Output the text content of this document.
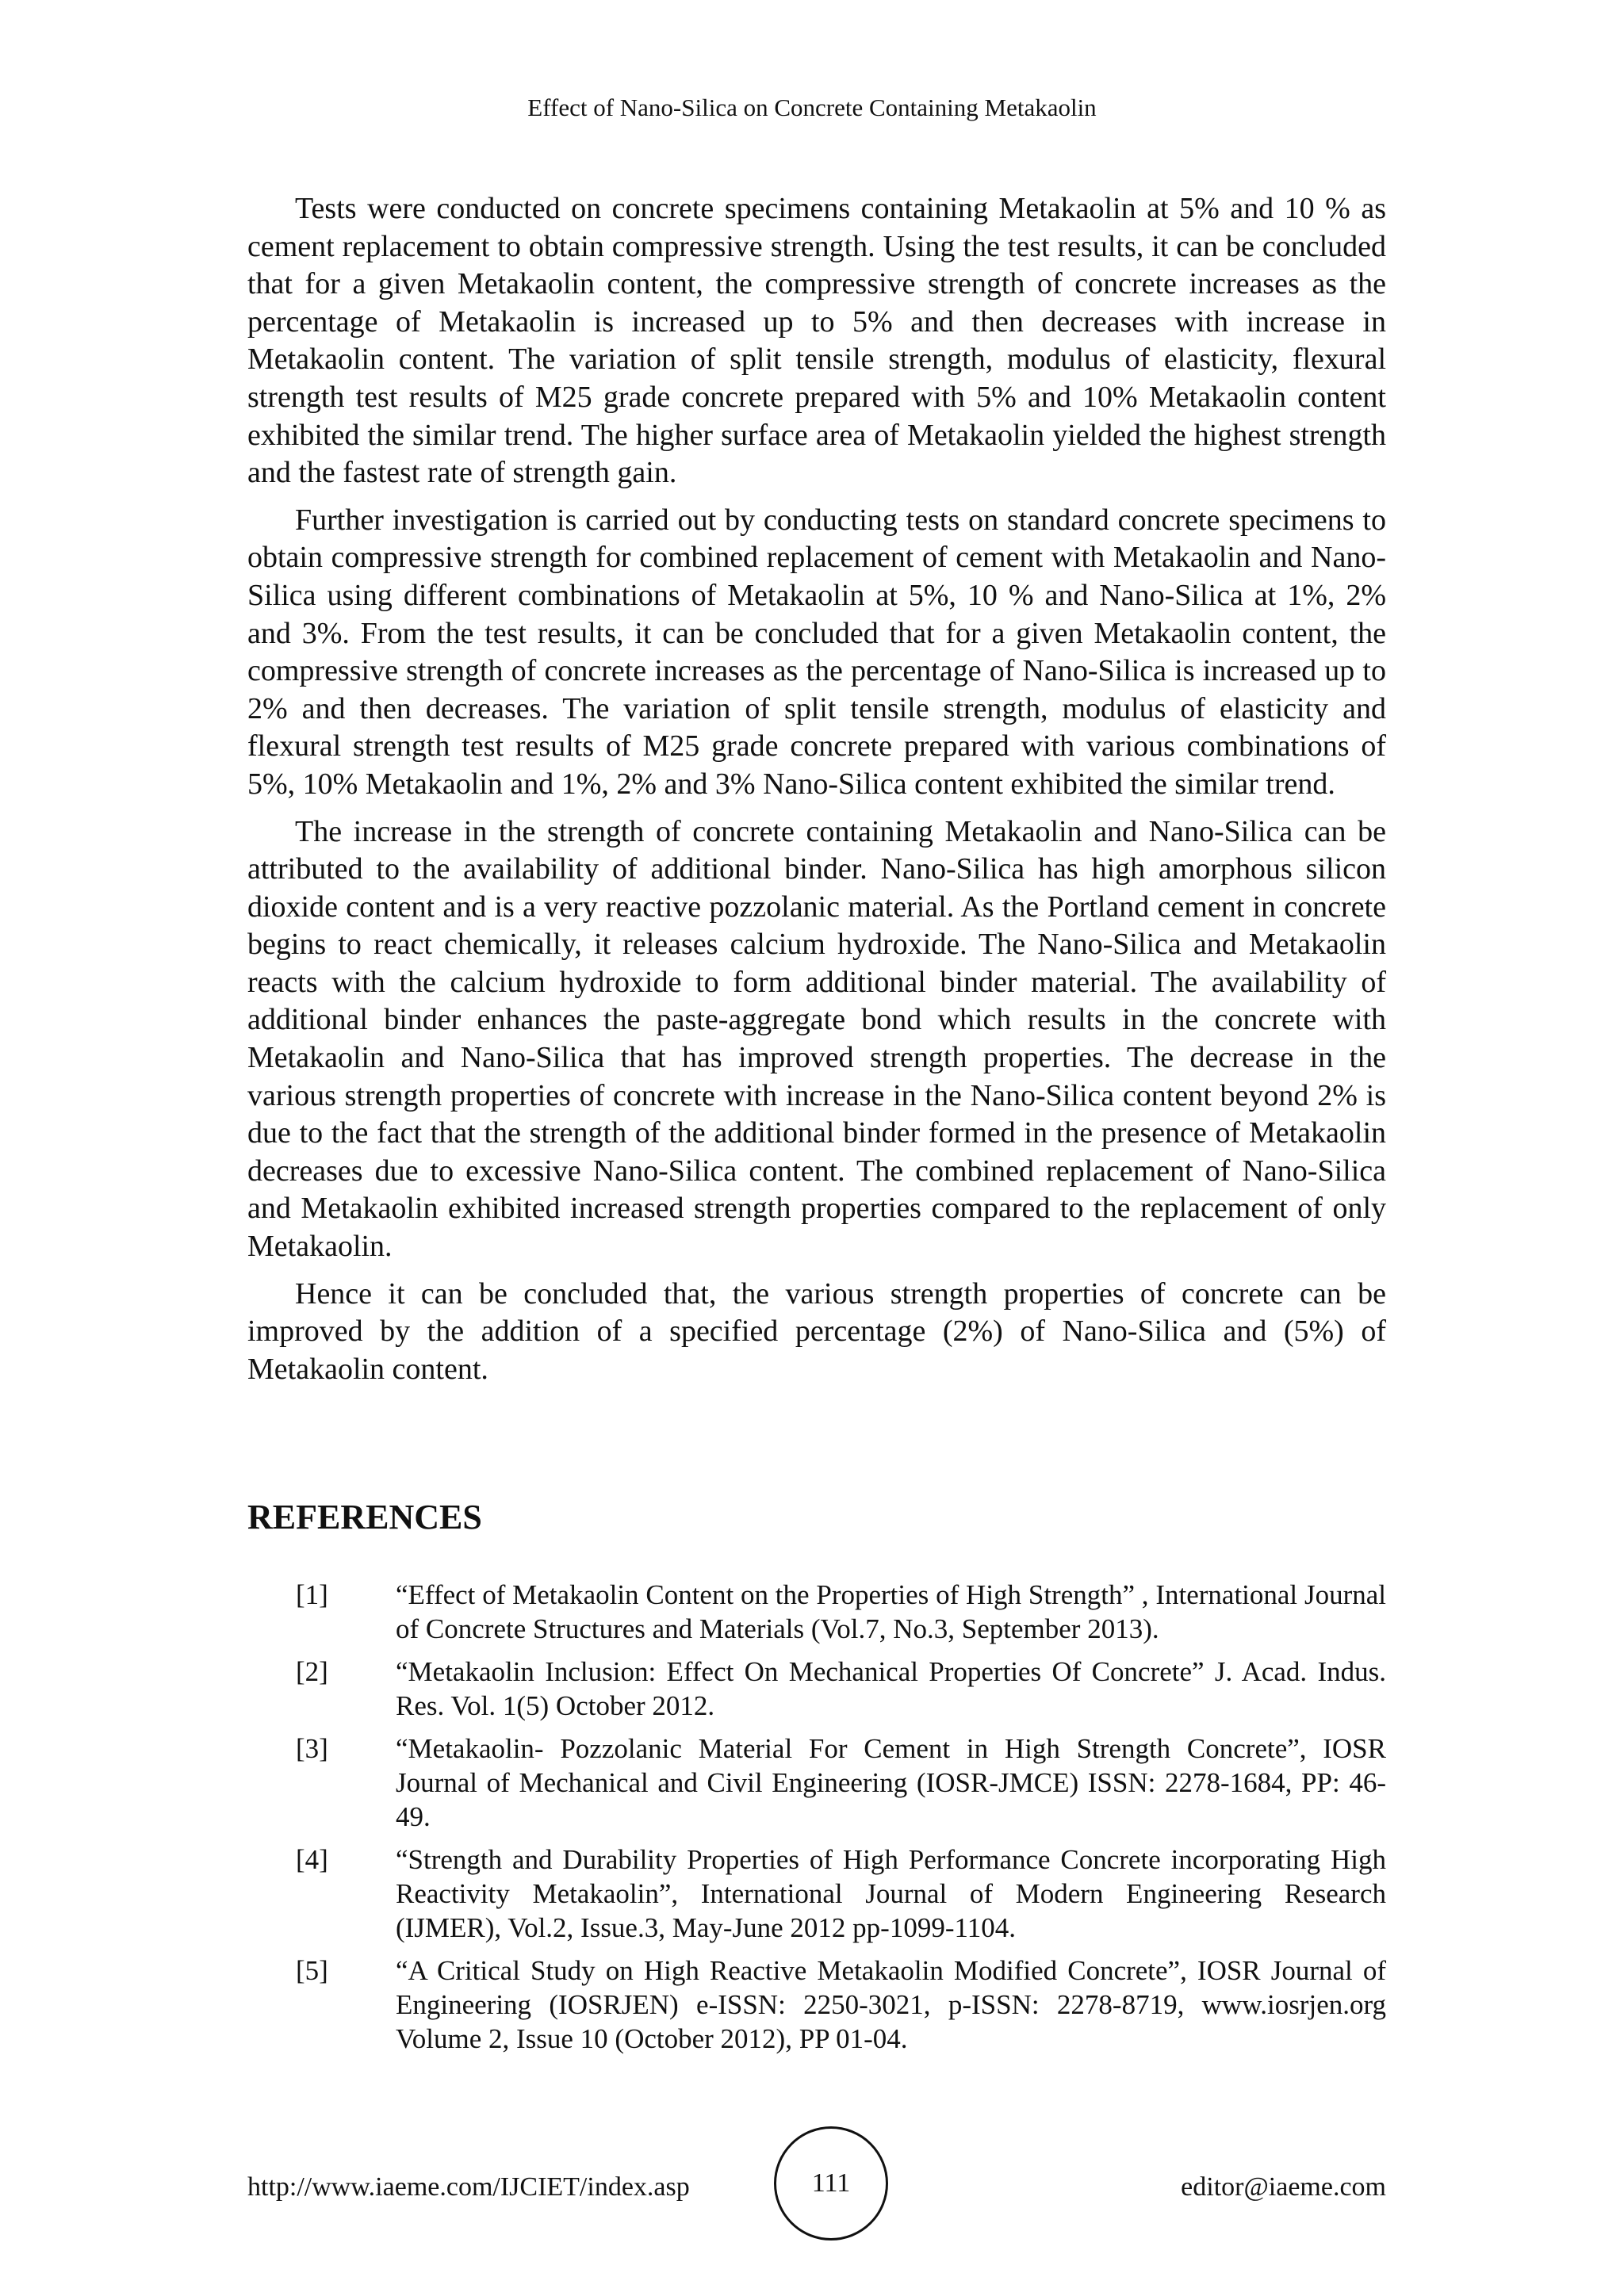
Effect of Nano-Silica on Concrete Containing Metakaolin

Tests were conducted on concrete specimens containing Metakaolin at 5% and 10 % as cement replacement to obtain compressive strength. Using the test results, it can be concluded that for a given Metakaolin content, the compressive strength of concrete increases as the percentage of Metakaolin is increased up to 5% and then decreases with increase in Metakaolin content. The variation of split tensile strength, modulus of elasticity, flexural strength test results of M25 grade concrete prepared with 5% and 10% Metakaolin content exhibited the similar trend. The higher surface area of Metakaolin yielded the highest strength and the fastest rate of strength gain.

Further investigation is carried out by conducting tests on standard concrete specimens to obtain compressive strength for combined replacement of cement with Metakaolin and Nano-Silica using different combinations of Metakaolin at 5%, 10 % and Nano-Silica at 1%, 2% and 3%. From the test results, it can be concluded that for a given Metakaolin content, the compressive strength of concrete increases as the percentage of Nano-Silica is increased up to 2% and then decreases. The variation of split tensile strength, modulus of elasticity and flexural strength test results of M25 grade concrete prepared with various combinations of 5%, 10% Metakaolin and 1%, 2% and 3% Nano-Silica content exhibited the similar trend.

The increase in the strength of concrete containing Metakaolin and Nano-Silica can be attributed to the availability of additional binder. Nano-Silica has high amorphous silicon dioxide content and is a very reactive pozzolanic material. As the Portland cement in concrete begins to react chemically, it releases calcium hydroxide. The Nano-Silica and Metakaolin reacts with the calcium hydroxide to form additional binder material. The availability of additional binder enhances the paste-aggregate bond which results in the concrete with Metakaolin and Nano-Silica that has improved strength properties. The decrease in the various strength properties of concrete with increase in the Nano-Silica content beyond 2% is due to the fact that the strength of the additional binder formed in the presence of Metakaolin decreases due to excessive Nano-Silica content. The combined replacement of Nano-Silica and Metakaolin exhibited increased strength properties compared to the replacement of only Metakaolin.

Hence it can be concluded that, the various strength properties of concrete can be improved by the addition of a specified percentage (2%) of Nano-Silica and (5%) of Metakaolin content.

REFERENCES
[1]	“Effect of Metakaolin Content on the Properties of High Strength” , International Journal of Concrete Structures and Materials (Vol.7, No.3, September 2013).
[2]	“Metakaolin Inclusion: Effect On Mechanical Properties Of Concrete” J. Acad. Indus. Res. Vol. 1(5) October 2012.
[3]	“Metakaolin- Pozzolanic Material For Cement in High Strength Concrete”, IOSR Journal of Mechanical and Civil Engineering (IOSR-JMCE) ISSN: 2278-1684, PP: 46-49.
[4]	“Strength and Durability Properties of High Performance Concrete incorporating High Reactivity Metakaolin”, International Journal of Modern Engineering Research (IJMER), Vol.2, Issue.3, May-June 2012 pp-1099-1104.
[5]	“A Critical Study on High Reactive Metakaolin Modified Concrete”, IOSR Journal of Engineering (IOSRJEN) e-ISSN: 2250-3021, p-ISSN: 2278-8719, www.iosrjen.org Volume 2, Issue 10 (October 2012), PP 01-04.
http://www.iaeme.com/IJCIET/index.asp	111	editor@iaeme.com
